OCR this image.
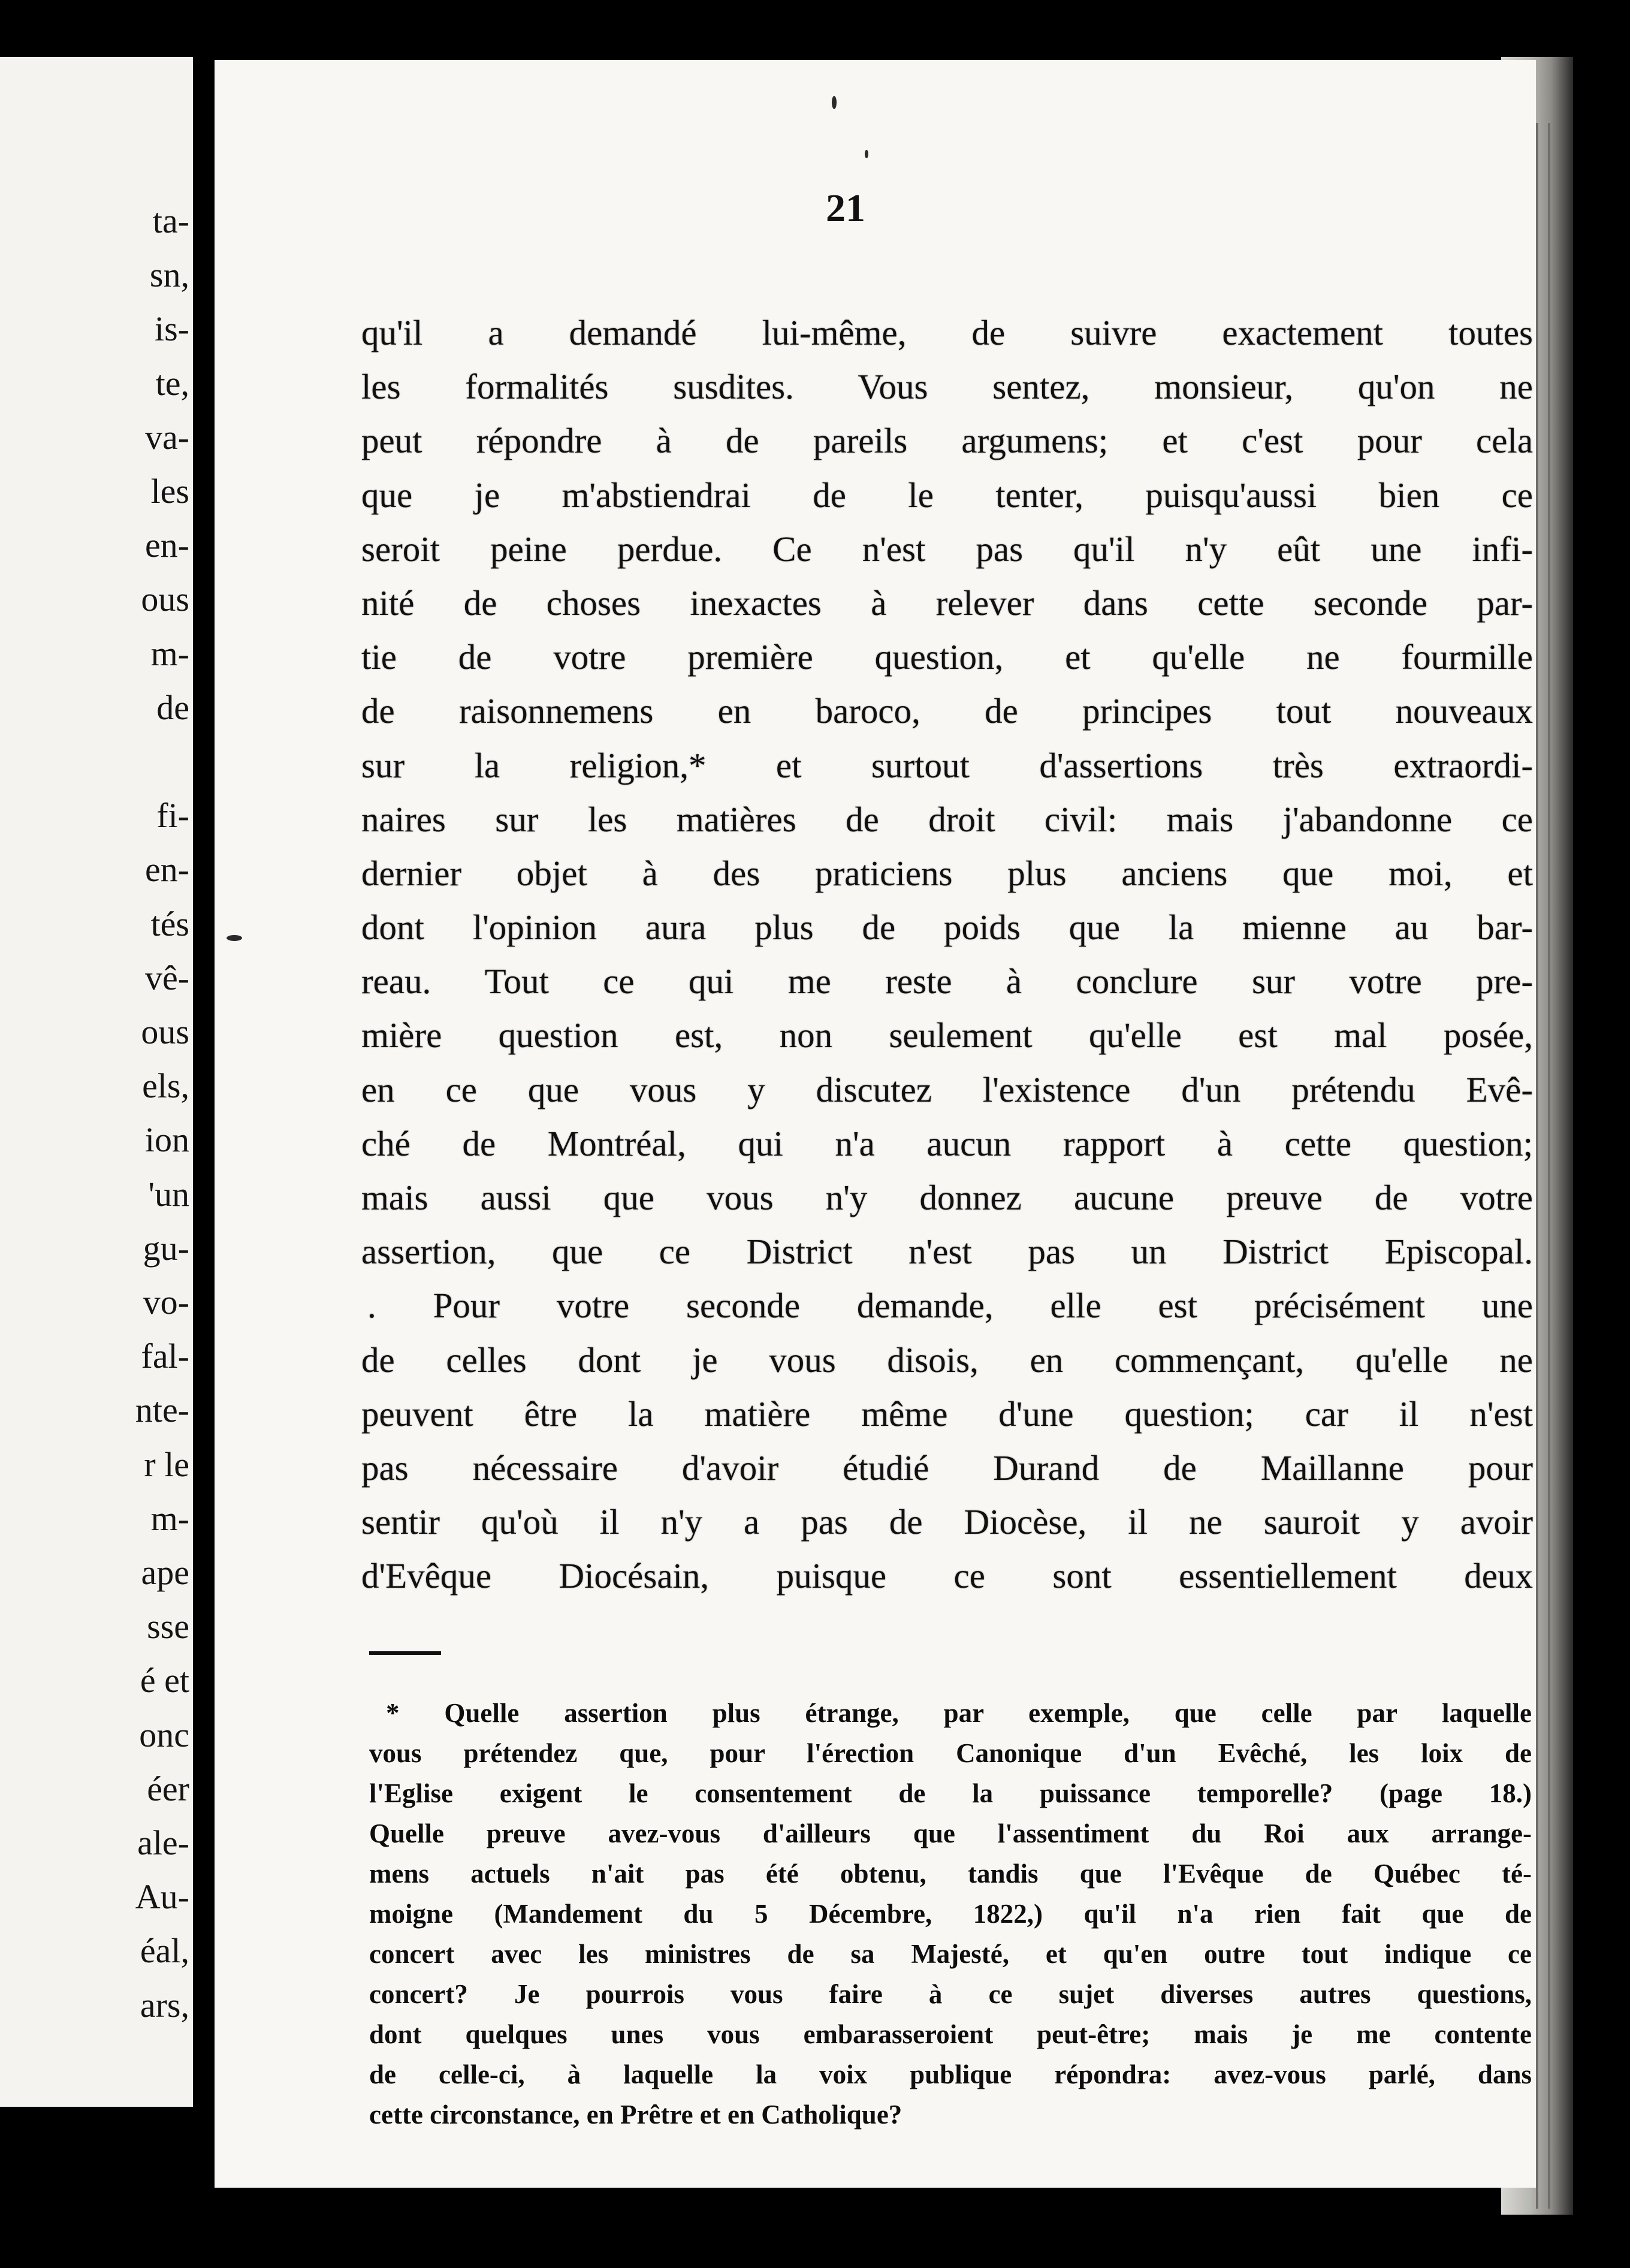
ta-
sn,
is-
te,
va-
les
en-
ous
m-
de
fi-
en-
tés
vê-
ous
els,
ion
'un
gu-
vo-
fal-
nte-
r le
m-
ape
sse
é et
onc
éer
ale-
Au-
éal,
ars,
21
qu'il a demandé lui-même, de suivre exactement toutes
les formalités susdites. Vous sentez, monsieur, qu'on ne
peut répondre à de pareils argumens; et c'est pour cela
que je m'abstiendrai de le tenter, puisqu'aussi bien ce
seroit peine perdue. Ce n'est pas qu'il n'y eût une infi-
nité de choses inexactes à relever dans cette seconde par-
tie de votre première question, et qu'elle ne fourmille
de raisonnemens en baroco, de principes tout nouveaux
sur la religion,* et surtout d'assertions très extraordi-
naires sur les matières de droit civil: mais j'abandonne ce
dernier objet à des praticiens plus anciens que moi, et
dont l'opinion aura plus de poids que la mienne au bar-
reau. Tout ce qui me reste à conclure sur votre pre-
mière question est, non seulement qu'elle est mal posée,
en ce que vous y discutez l'existence d'un prétendu Evê-
ché de Montréal, qui n'a aucun rapport à cette question;
mais aussi que vous n'y donnez aucune preuve de votre
assertion, que ce District n'est pas un District Episcopal.
. Pour votre seconde demande, elle est précisément une
de celles dont je vous disois, en commençant, qu'elle ne
peuvent être la matière même d'une question; car il n'est
pas nécessaire d'avoir étudié Durand de Maillanne pour
sentir qu'où il n'y a pas de Diocèse, il ne sauroit y avoir
d'Evêque Diocésain, puisque ce sont essentiellement deux

* Quelle assertion plus étrange, par exemple, que celle par laquelle
vous prétendez que, pour l'érection Canonique d'un Evêché, les loix de
l'Eglise exigent le consentement de la puissance temporelle? (page 18.)
Quelle preuve avez-vous d'ailleurs que l'assentiment du Roi aux arrange-
mens actuels n'ait pas été obtenu, tandis que l'Evêque de Québec té-
moigne (Mandement du 5 Décembre, 1822,) qu'il n'a rien fait que de
concert avec les ministres de sa Majesté, et qu'en outre tout indique ce
concert? Je pourrois vous faire à ce sujet diverses autres questions,
dont quelques unes vous embarasseroient peut-être; mais je me contente
de celle-ci, à laquelle la voix publique répondra: avez-vous parlé, dans
cette circonstance, en Prêtre et en Catholique?
